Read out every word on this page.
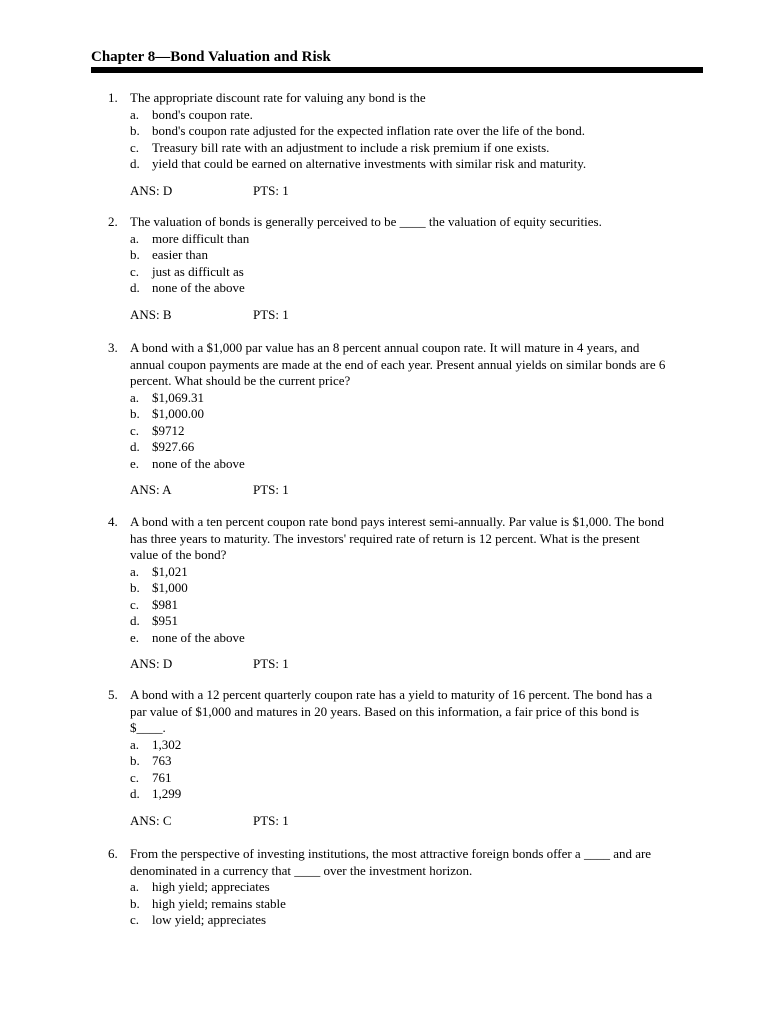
Chapter 8—Bond Valuation and Risk
1. The appropriate discount rate for valuing any bond is the
a. bond's coupon rate.
b. bond's coupon rate adjusted for the expected inflation rate over the life of the bond.
c. Treasury bill rate with an adjustment to include a risk premium if one exists.
d. yield that could be earned on alternative investments with similar risk and maturity.
ANS: D	PTS: 1
2. The valuation of bonds is generally perceived to be ____ the valuation of equity securities.
a. more difficult than
b. easier than
c. just as difficult as
d. none of the above
ANS: B	PTS: 1
3. A bond with a $1,000 par value has an 8 percent annual coupon rate. It will mature in 4 years, and
annual coupon payments are made at the end of each year. Present annual yields on similar bonds are 6
percent. What should be the current price?
a. $1,069.31
b. $1,000.00
c. $9712
d. $927.66
e. none of the above
ANS: A	PTS: 1
4. A bond with a ten percent coupon rate bond pays interest semi-annually. Par value is $1,000. The bond
has three years to maturity. The investors' required rate of return is 12 percent. What is the present
value of the bond?
a. $1,021
b. $1,000
c. $981
d. $951
e. none of the above
ANS: D	PTS: 1
5. A bond with a 12 percent quarterly coupon rate has a yield to maturity of 16 percent. The bond has a
par value of $1,000 and matures in 20 years. Based on this information, a fair price of this bond is
$____.
a. 1,302
b. 763
c. 761
d. 1,299
ANS: C	PTS: 1
6. From the perspective of investing institutions, the most attractive foreign bonds offer a ____ and are
denominated in a currency that ____ over the investment horizon.
a. high yield; appreciates
b. high yield; remains stable
c. low yield; appreciates
